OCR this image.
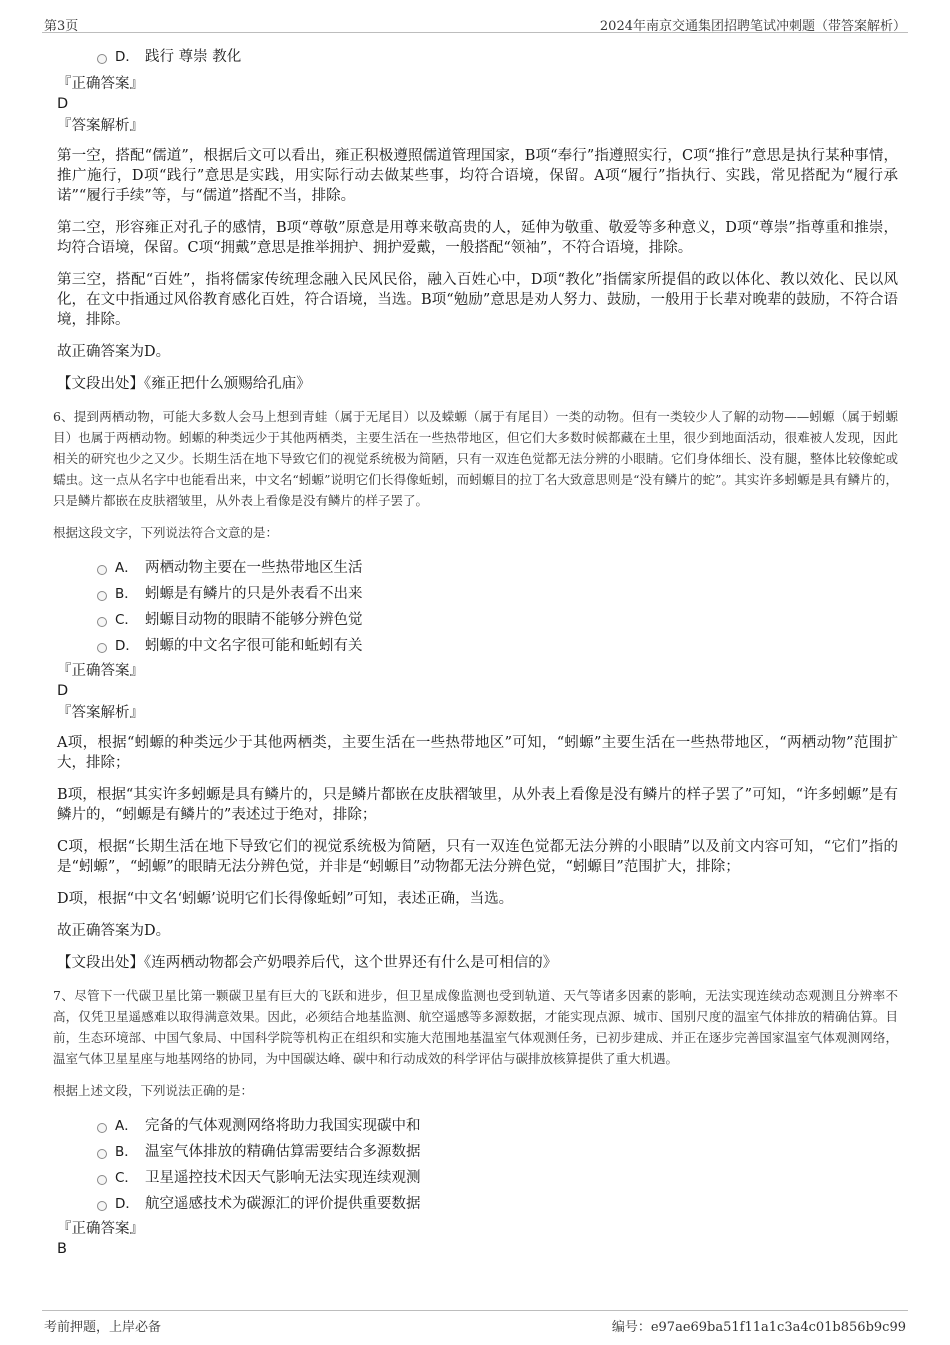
第3页	2024年南京交通集团招聘笔试冲刺题（带答案解析）
D． 践行 尊崇 教化
『正确答案』
D
『答案解析』

第一空，搭配“儒道”，根据后文可以看出，雍正积极遵照儒道管理国家，B项“奉行”指遵照实行，C项“推行”意思是执行某种事情，推广施行，D项“践行”意思是实践，用实际行动去做某些事，均符合语境，保留。A项“履行”指执行、实践，常见搭配为“履行承诺”“履行手续”等，与“儒道”搭配不当，排除。

第二空，形容雍正对孔子的感情，B项“尊敬”原意是用尊来敬高贵的人，延伸为敬重、敬爱等多种意义，D项“尊崇”指尊重和推崇，均符合语境，保留。C项“拥戴”意思是推举拥护、拥护爱戴，一般搭配“领袖”，不符合语境，排除。

第三空，搭配“百姓”，指将儒家传统理念融入民风民俗，融入百姓心中，D项“教化”指儒家所提倡的政以体化、教以效化、民以风化，在文中指通过风俗教育感化百姓，符合语境，当选。B项“勉励”意思是劝人努力、鼓励，一般用于长辈对晚辈的鼓励，不符合语境，排除。

故正确答案为D。

【文段出处】《雍正把什么颁赐给孔庙》

6、提到两栖动物，可能大多数人会马上想到青蛙（属于无尾目）以及蝾螈（属于有尾目）一类的动物。但有一类较少人了解的动物——蚓螈（属于蚓螈目）也属于两栖动物。蚓螈的种类远少于其他两栖类，主要生活在一些热带地区，但它们大多数时候都藏在土里，很少到地面活动，很难被人发现，因此相关的研究也少之又少。长期生活在地下导致它们的视觉系统极为简陋，只有一双连色觉都无法分辨的小眼睛。它们身体细长、没有腿，整体比较像蛇或蠕虫。这一点从名字中也能看出来，中文名“蚓螈”说明它们长得像蚯蚓，而蚓螈目的拉丁名大致意思则是“没有鳞片的蛇”。其实许多蚓螈是具有鳞片的，只是鳞片都嵌在皮肤褶皱里，从外表上看像是没有鳞片的样子罢了。

根据这段文字，下列说法符合文意的是：
A． 两栖动物主要在一些热带地区生活
B． 蚓螈是有鳞片的只是外表看不出来
C． 蚓螈目动物的眼睛不能够分辨色觉
D． 蚓螈的中文名字很可能和蚯蚓有关
『正确答案』
D
『答案解析』

A项，根据“蚓螈的种类远少于其他两栖类，主要生活在一些热带地区”可知，“蚓螈”主要生活在一些热带地区，“两栖动物”范围扩大，排除；

B项，根据“其实许多蚓螈是具有鳞片的，只是鳞片都嵌在皮肤褶皱里，从外表上看像是没有鳞片的样子罢了”可知，“许多蚓螈”是有鳞片的，“蚓螈是有鳞片的”表述过于绝对，排除；

C项，根据“长期生活在地下导致它们的视觉系统极为简陋，只有一双连色觉都无法分辨的小眼睛”以及前文内容可知，“它们”指的是“蚓螈”，“蚓螈”的眼睛无法分辨色觉，并非是“蚓螈目”动物都无法分辨色觉，“蚓螈目”范围扩大，排除；

D项，根据“中文名‘蚓螈’说明它们长得像蚯蚓”可知，表述正确，当选。

故正确答案为D。

【文段出处】《连两栖动物都会产奶喂养后代，这个世界还有什么是可相信的》

7、尽管下一代碳卫星比第一颗碳卫星有巨大的飞跃和进步，但卫星成像监测也受到轨道、天气等诸多因素的影响，无法实现连续动态观测且分辨率不高，仅凭卫星遥感难以取得满意效果。因此，必须结合地基监测、航空遥感等多源数据，才能实现点源、城市、国别尺度的温室气体排放的精确估算。目前，生态环境部、中国气象局、中国科学院等机构正在组织和实施大范围地基温室气体观测任务，已初步建成、并正在逐步完善国家温室气体观测网络，温室气体卫星星座与地基网络的协同，为中国碳达峰、碳中和行动成效的科学评估与碳排放核算提供了重大机遇。

根据上述文段，下列说法正确的是：
A． 完备的气体观测网络将助力我国实现碳中和
B． 温室气体排放的精确估算需要结合多源数据
C． 卫星遥控技术因天气影响无法实现连续观测
D． 航空遥感技术为碳源汇的评价提供重要数据
『正确答案』
B
考前押题，上岸必备	编号：e97ae69ba51f11a1c3a4c01b856b9c99
